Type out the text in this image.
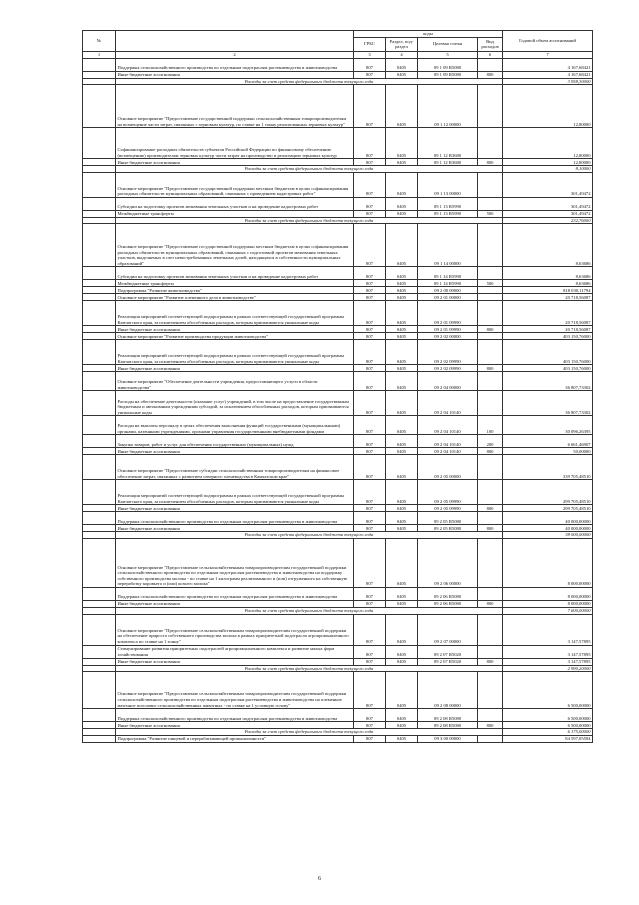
№		коды				Годовой объем ассигнований
		ГРБС	Раздел, под-раздел	Целевая статья	Вид расходов	
1	2	3	4	5	6	7
	Поддержка сельскохозяйственного производства по отдельным подотраслям растениеводства и животноводства	807	0405	09 1 09 R5080		4 167,68421
	Иные бюджетные ассигнования	807	0405	09 1 09 R5080	800	4 167,68421
	Расходы за счет средств федерального бюджета текущего года					3 958,30000
	Основное мероприятие "Предоставление государственной поддержки сельскохозяйственным товаропроизводителям на возмещение части затрат, связанных с зерновым культур, по ставке на 1 тонну реализованных зерновых культур"	807	0405	09 1 12 00000		12,80000
	Софинансирование расходных обязательств субъектов Российской Федерации по финансовому обеспечению (возмещению) производителям зерновых культур части затрат на производство и реализацию зерновых культур	807	0405	09 1 12 R3680		12,80000
	Иные бюджетные ассигнования	807	0405	09 1 12 R3680	800	12,80000
	Расходы за счет средств федерального бюджета текущего года					8,10000
	Основное мероприятие "Предоставление государственной поддержки местным бюджетам в целях софинансирования расходных обязательств муниципальных образований, связанных с проведением кадастровых работ"	807	0405	09 1 13 00000		301,49472
	Субсидии на подготовку проектов межевания земельных участков и на проведение кадастровых работ	807	0405	09 1 13 R5990		301,49472
	Межбюджетные трансферты	807	0405	09 1 13 R5990	500	301,49472
	Расходы за счет средств федерального бюджета текущего года					232,76000
	Основное мероприятие "Предоставление государственной поддержки местным бюджетам в целях софинансирования расходных обязательств муниципальных образований, связанных с подготовкой проектов межевания земельных участков, выделяемых в счет невостребованных земельных долей, находящихся в собственности муниципальных образований"	807	0405	09 1 14 00000		8,63686
	Субсидии на подготовку проектов межевания земельных участков и на проведение кадастровых работ	807	0405	09 1 14 R5990		8,63686
	Межбюджетные трансферты	807	0405	09 1 14 R5990	500	8,63686
	Подпрограмма "Развитие животноводства"	807	0405	09 2 00 00000		818 030,11794
	Основное мероприятие "Развитие племенного дела в животноводстве"	807	0405	09 2 01 00000		20 718,56087
	Реализация мероприятий соответствующей подпрограммы в рамках соответствующей государственной программы Камчатского края, за исключением обособленных расходов, которым присваиваются уникальные коды	807	0405	09 2 01 09990		20 718,56087
	Иные бюджетные ассигнования	807	0405	09 2 01 09990	800	20 718,56087
	Основное мероприятие "Развитие производства продукции животноводства"	807	0405	09 2 02 00000		403 150,76000
	Реализация мероприятий соответствующей подпрограммы в рамках соответствующей государственной программы Камчатского края, за исключением обособленных расходов, которым присваиваются уникальные коды	807	0405	09 2 02 09990		403 150,76000
	Иные бюджетные ассигнования	807	0405	09 2 02 09990	800	403 150,76000
	Основное мероприятие "Обеспечение деятельности учреждения, предоставляющего услуги в области животноводства"	807	0405	09 2 04 00000		36 807,73302
	Расходы на обеспечение деятельности (оказание услуг) учреждений, в том числе на предоставление государственным бюджетным и автономным учреждениям субсидий, за исключением обособленных расходов, которым присваиваются уникальные коды	807	0405	09 2 04 10140		36 807,73302
	Расходы на выплаты персоналу в целях обеспечения выполнения функций государственными (муниципальными) органами, казенными учреждениями, органами управления государственными внебюджетными фондами	807	0405	09 2 04 10140	100	30 096,26395
	Закупка товаров, работ и услуг для обеспечения государственных (муниципальных) нужд	807	0405	09 2 04 10140	200	6 661,46907
	Иные бюджетные ассигнования	807	0405	09 2 04 10140	800	50,00000
	Основное мероприятие "Предоставление субсидии сельскохозяйственным товаропроизводителям на финансовое обеспечение затрат, связанных с развитием северного оленеводства в Камчатском крае"	807	0405	09 2 05 00000		339 705,48510
	Реализация мероприятий соответствующей подпрограммы в рамках соответствующей государственной программы Камчатского края, за исключением обособленных расходов, которым присваиваются уникальные коды	807	0405	09 2 05 09990		299 705,48510
	Иные бюджетные ассигнования	807	0405	09 2 05 09990	800	299 705,48510
	Поддержка сельскохозяйственного производства по отдельным подотраслям растениеводства и животноводства	807	0405	09 2 05 R5080		40 000,00000
	Иные бюджетные ассигнования	807	0405	09 2 05 R5080	800	40 000,00000
	Расходы за счет средств федерального бюджета текущего года					38 000,00000
	Основное мероприятие "Предоставление сельскохозяйственным товаропроизводителям государственной поддержки сельскохозяйственного производства по отдельным подотраслям растениеводства и животноводства на поддержку собственного производства молока - по ставке на 1 килограмм реализованного и (или) отгруженного на собственную переработку коровьего и (или) козьего молока"	807	0405	09 2 06 00000		8 000,00000
	Поддержка сельскохозяйственного производства по отдельным подотраслям растениеводства и животноводства	807	0405	09 2 06 R5080		8 000,00000
	Иные бюджетные ассигнования	807	0405	09 2 06 R5080	800	8 000,00000
	Расходы за счет средств федерального бюджета текущего года					7 600,00000
	Основное мероприятие "Предоставление сельскохозяйственным товаропроизводителям государственной поддержки на обеспечение прироста собственного производства молока в рамках приоритетной подотрасли агропромышленного комплекса по ставке на 1 тонну"	807	0405	09 2 07 00000		3 147,57895
	Стимулирование развития приоритетных подотраслей агропромышленного комплекса и развитие малых форм хозяйствования	807	0405	09 2 07 R5020		3 147,57895
	Иные бюджетные ассигнования	807	0405	09 2 07 R5020	800	3 147,57895
	Расходы за счет средств федерального бюджета текущего года					2 990,20000
	Основное мероприятие "Предоставление сельскохозяйственным товаропроизводителям государственной поддержки сельскохозяйственного производства по отдельным подотраслям растениеводства и животноводства на племенное маточное поголовье сельскохозяйственных животных - по ставке на 1 условную голову"	807	0405	09 2 08 00000		6 500,00000
	Поддержка сельскохозяйственного производства по отдельным подотраслям растениеводства и животноводства	807	0405	09 2 08 R5080		6 500,00000
	Иные бюджетные ассигнования	807	0405	09 2 08 R5080	800	6 500,00000
	Расходы за счет средств федерального бюджета текущего года					6 175,00000
	Подпрограмма "Развитие пищевой и перерабатывающей промышленности"	807	0405	09 3 00 00000		84 597,05584
6
